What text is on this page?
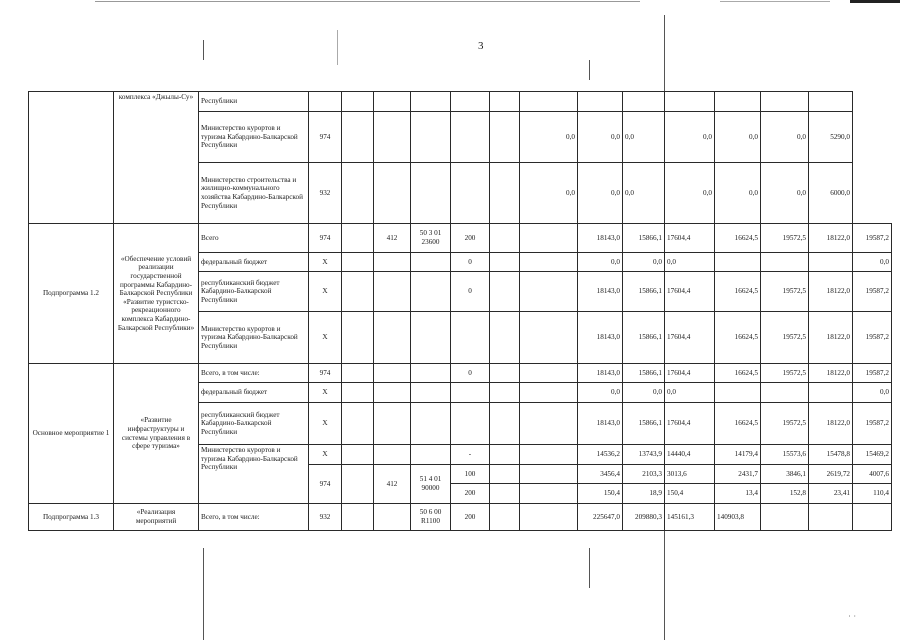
3
˙ ˙
	комплекса «Джылы-Су»	Республики														
		Министерство курортов и туризма Кабардино-Балкарской Республики	974						0,0	0,0	0,0	0,0	0,0	0,0	5290,0	
		Министерство строительства и жилищно-коммунального хозяйства Кабардино-Балкарской Республики	932						0,0	0,0	0,0	0,0	0,0	0,0	6000,0	
Подпрограмма 1.2	«Обеспечение условий реализации государственной программы Кабардино-Балкарской Республики «Развитие туристско-рекреационного комплекса Кабардино-Балкарской Республики»	Всего	974		412	50 3 01 23600	200			18143,0	15866,1	17604,4	16624,5	19572,5	18122,0	19587,2
		федеральный бюджет	X				0			0,0	0,0	0,0				0,0
		республиканский бюджет Кабардино-Балкарской Республики	X				0			18143,0	15866,1	17604,4	16624,5	19572,5	18122,0	19587,2
		Министерство курортов и туризма Кабардино-Балкарской Республики	X							18143,0	15866,1	17604,4	16624,5	19572,5	18122,0	19587,2
Основное мероприятие 1	«Развитие инфраструктуры и системы управления в сфере туризма»	Всего, в том числе:	974				0			18143,0	15866,1	17604,4	16624,5	19572,5	18122,0	19587,2
		федеральный бюджет	X							0,0	0,0	0,0				0,0
		республиканский бюджет Кабардино-Балкарской Республики	X							18143,0	15866,1	17604,4	16624,5	19572,5	18122,0	19587,2
		Министерство курортов и туризма Кабардино-Балкарской Республики	X				-			14536,2	13743,9	14440,4	14179,4	15573,6	15478,8	15469,2
			974		412	51 4 01 90000	100			3456,4	2103,3	3013,6	2431,7	3846,1	2619,72	4007,6
							200			150,4	18,9	150,4	13,4	152,8	23,41	110,4
Подпрограмма 1.3	«Реализация мероприятий	Всего, в том числе:	932			50 6 00 R1100	200			225647,0	209880,3	145161,3	140903,8			
